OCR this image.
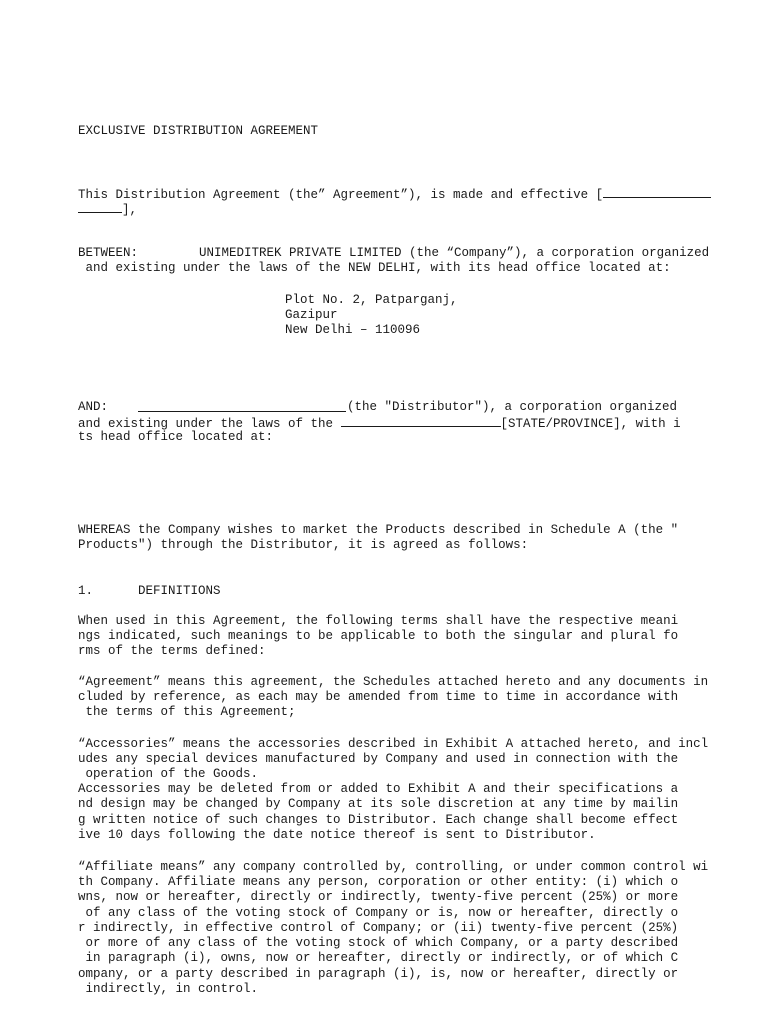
EXCLUSIVE DISTRIBUTION AGREEMENT
This Distribution Agreement (the” Agreement”), is made and effective [
],
BETWEEN:	UNIMEDITREK PRIVATE LIMITED (the “Company”), a corporation organized
and existing under the laws of the NEW DELHI, with its head office located at:
Plot No. 2, Patparganj,
Gazipur
New Delhi – 110096
AND:	(the "Distributor"), a corporation organized
and existing under the laws of the	[STATE/PROVINCE], with i
ts head office located at:
WHEREAS the Company wishes to market the Products described in Schedule A (the "
Products") through the Distributor, it is agreed as follows:
1.	DEFINITIONS
When used in this Agreement, the following terms shall have the respective meani
ngs indicated, such meanings to be applicable to both the singular and plural fo
rms of the terms defined:
“Agreement” means this agreement, the Schedules attached hereto and any documents in
cluded by reference, as each may be amended from time to time in accordance with
the terms of this Agreement;
“Accessories” means the accessories described in Exhibit A attached hereto, and incl
udes any special devices manufactured by Company and used in connection with the
operation of the Goods.
Accessories may be deleted from or added to Exhibit A and their specifications a
nd design may be changed by Company at its sole discretion at any time by mailin
g written notice of such changes to Distributor. Each change shall become effect
ive 10 days following the date notice thereof is sent to Distributor.
“Affiliate means” any company controlled by, controlling, or under common control wi
th Company. Affiliate means any person, corporation or other entity: (i) which o
wns, now or hereafter, directly or indirectly, twenty-five percent (25%) or more
of any class of the voting stock of Company or is, now or hereafter, directly o
r indirectly, in effective control of Company; or (ii) twenty-five percent (25%)
or more of any class of the voting stock of which Company, or a party described
in paragraph (i), owns, now or hereafter, directly or indirectly, or of which C
ompany, or a party described in paragraph (i), is, now or hereafter, directly or
indirectly, in control.
